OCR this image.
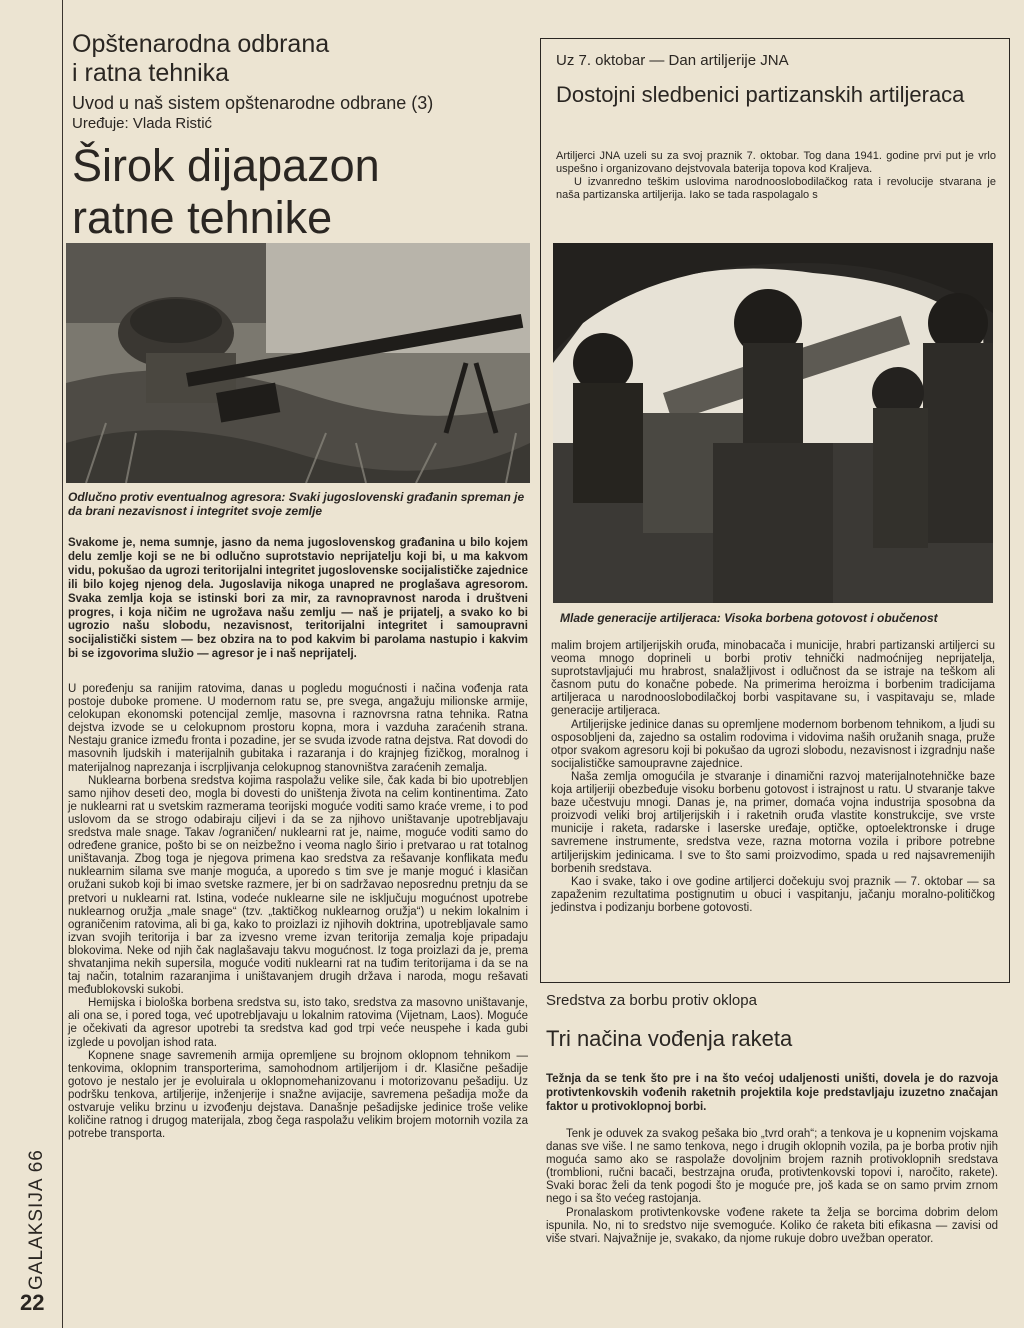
GALAKSIJA 66
22
Opštenarodna odbrana
i ratna tehnika
Uvod u naš sistem opštenarodne odbrane (3)
Uređuje: Vlada Ristić
Širok dijapazon
ratne tehnike
Odlučno protiv eventualnog agresora: Svaki jugoslovenski građanin spreman je da brani nezavisnost i integritet svoje zemlje

Svakome je, nema sumnje, jasno da nema jugoslovenskog građanina u bilo kojem delu zemlje koji se ne bi odlučno suprotstavio neprijatelju koji bi, u ma kakvom vidu, pokušao da ugrozi teritorijalni integritet jugoslovenske socijalističke zajednice ili bilo kojeg njenog dela. Jugoslavija nikoga unapred ne proglašava agresorom. Svaka zemlja koja se istinski bori za mir, za ravnopravnost naroda i društveni progres, i koja ničim ne ugrožava našu zemlju — naš je prijatelj, a svako ko bi ugrozio našu slobodu, nezavisnost, teritorijalni integritet i samoupravni socijalistički sistem — bez obzira na to pod kakvim bi parolama nastupio i kakvim bi se izgovorima služio — agresor je i naš neprijatelj.

U poređenju sa ranijim ratovima, danas u pogledu mogućnosti i načina vođenja rata postoje duboke promene. U modernom ratu se, pre svega, angažuju milionske armije, celokupan ekonomski potencijal zemlje, masovna i raznovrsna ratna tehnika. Ratna dejstva izvode se u celokupnom prostoru kopna, mora i vazduha zaraćenih strana. Nestaju granice između fronta i pozadine, jer se svuda izvode ratna dejstva. Rat dovodi do masovnih ljudskih i materijalnih gubitaka i razaranja i do krajnjeg fizičkog, moralnog i materijalnog naprezanja i iscrpljivanja celokupnog stanovništva zaraćenih zemalja.

Nuklearna borbena sredstva kojima raspolažu velike sile, čak kada bi bio upotrebljen samo njihov deseti deo, mogla bi dovesti do uništenja života na celim kontinentima. Zato je nuklearni rat u svetskim razmerama teorijski moguće voditi samo kraće vreme, i to pod uslovom da se strogo odabiraju ciljevi i da se za njihovo uništavanje upotrebljavaju sredstva male snage. Takav /ograničen/ nuklearni rat je, naime, moguće voditi samo do određene granice, pošto bi se on neizbežno i veoma naglo širio i pretvarao u rat totalnog uništavanja. Zbog toga je njegova primena kao sredstva za rešavanje konflikata među nuklearnim silama sve manje moguća, a uporedo s tim sve je manje moguć i klasičan oružani sukob koji bi imao svetske razmere, jer bi on sadržavao neposrednu pretnju da se pretvori u nuklearni rat. Istina, vodeće nuklearne sile ne isključuju mogućnost upotrebe nuklearnog oružja „male snage“ (tzv. „taktičkog nuklearnog oružja“) u nekim lokalnim i ograničenim ratovima, ali bi ga, kako to proizlazi iz njihovih doktrina, upotrebljavale samo izvan svojih teritorija i bar za izvesno vreme izvan teritorija zemalja koje pripadaju blokovima. Neke od njih čak naglašavaju takvu mogućnost. Iz toga proizlazi da je, prema shvatanjima nekih supersila, moguće voditi nuklearni rat na tuđim teritorijama i da se na taj način, totalnim razaranjima i uništavanjem drugih država i naroda, mogu rešavati međublokovski sukobi.

Hemijska i biološka borbena sredstva su, isto tako, sredstva za masovno uništavanje, ali ona se, i pored toga, već upotrebljavaju u lokalnim ratovima (Vijetnam, Laos). Moguće je očekivati da agresor upotrebi ta sredstva kad god trpi veće neuspehe i kada gubi izglede u povoljan ishod rata.

Kopnene snage savremenih armija opremljene su brojnom oklopnom tehnikom — tenkovima, oklopnim transporterima, samohodnom artiljerijom i dr. Klasične pešadije gotovo je nestalo jer je evoluirala u oklopnomehanizovanu i motorizovanu pešadiju. Uz podršku tenkova, artiljerije, inženjerije i snažne avijacije, savremena pešadija može da ostvaruje veliku brzinu u izvođenju dejstava. Današnje pešadijske jedinice troše velike količine ratnog i drugog materijala, zbog čega raspolažu velikim brojem motornih vozila za potrebe transporta.

Uz 7. oktobar — Dan artiljerije JNA
Dostojni sledbenici partizanskih artiljeraca
Artiljerci JNA uzeli su za svoj praznik 7. oktobar. Tog dana 1941. godine prvi put je vrlo uspešno i organizovano dejstvovala baterija topova kod Kraljeva.
U izvanredno teškim uslovima narodnooslobodilačkog rata i revolucije stvarana je naša partizanska artiljerija. Iako se tada raspolagalo s
Mlade generacije artiljeraca: Visoka borbena gotovost i obučenost

malim brojem artiljerijskih oruđa, minobacača i municije, hrabri partizanski artiljerci su veoma mnogo doprineli u borbi protiv tehnički nadmoćnijeg neprijatelja, suprotstavljajući mu hrabrost, snalažljivost i odlučnost da se istraje na teškom ali časnom putu do konačne pobede. Na primerima heroizma i borbenim tradicijama artiljeraca u narodnooslobodilačkoj borbi vaspitavane su, i vaspitavaju se, mlade generacije artiljeraca.

Artiljerijske jedinice danas su opremljene modernom borbenom tehnikom, a ljudi su osposobljeni da, zajedno sa ostalim rodovima i vidovima naših oružanih snaga, pruže otpor svakom agresoru koji bi pokušao da ugrozi slobodu, nezavisnost i izgradnju naše socijalističke samoupravne zajednice.

Naša zemlja omogućila je stvaranje i dinamični razvoj materijalnotehničke baze koja artiljeriji obezbeđuje visoku borbenu gotovost i istrajnost u ratu. U stvaranje takve baze učestvuju mnogi. Danas je, na primer, domaća vojna industrija sposobna da proizvodi veliki broj artiljerijskih i i raketnih oruđa vlastite konstrukcije, sve vrste municije i raketa, radarske i laserske uređaje, optičke, optoelektronske i druge savremene instrumente, sredstva veze, razna motorna vozila i pribore potrebne artiljerijskim jedinicama. I sve to što sami proizvodimo, spada u red najsavremenijih borbenih sredstava.

Kao i svake, tako i ove godine artiljerci dočekuju svoj praznik — 7. oktobar — sa zapaženim rezultatima postignutim u obuci i vaspitanju, jačanju moralno-političkog jedinstva i podizanju borbene gotovosti.

Sredstva za borbu protiv oklopa
Tri načina vođenja raketa
Težnja da se tenk što pre i na što većoj udaljenosti uništi, dovela je do razvoja protivtenkovskih vođenih raketnih projektila koje predstavljaju izuzetno značajan faktor u protivoklopnoj borbi.

Tenk je oduvek za svakog pešaka bio „tvrd orah“; a tenkova je u kopnenim vojskama danas sve više. I ne samo tenkova, nego i drugih oklopnih vozila, pa je borba protiv njih moguća samo ako se raspolaže dovoljnim brojem raznih protivoklopnih sredstava (tromblioni, ručni bacači, bestrzajna oruđa, protivtenkovski topovi i, naročito, rakete). Svaki borac želi da tenk pogodi što je moguće pre, još kada se on samo prvim zrnom nego i sa što većeg rastojanja.

Pronalaskom protivtenkovske vođene rakete ta želja se borcima dobrim delom ispunila. No, ni to sredstvo nije svemoguće. Koliko će raketa biti efikasna — zavisi od više stvari. Najvažnije je, svakako, da njome rukuje dobro uvežban operator.
